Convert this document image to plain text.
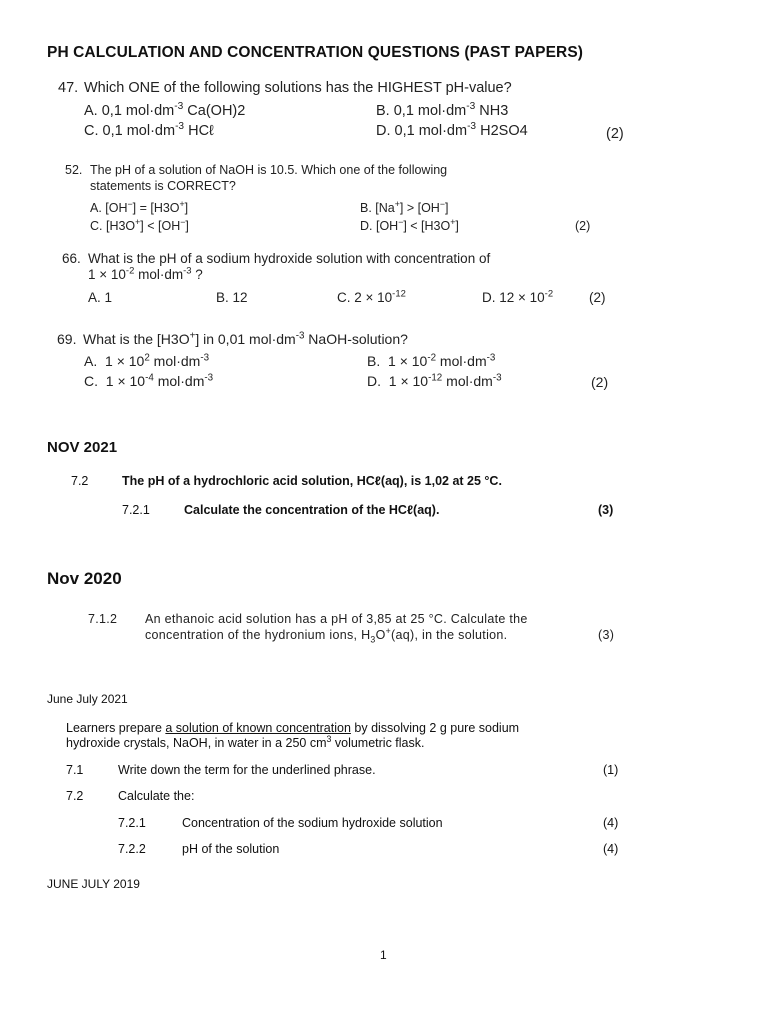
PH CALCULATION AND CONCENTRATION QUESTIONS (PAST PAPERS)
47. Which ONE of the following solutions has the HIGHEST pH-value?
A. 0,1 $mol\cdot dm^{-3}$ Ca(OH)2	B. 0,1 $mol\cdot dm^{-3}$ NH3
C. 0,1 $mol\cdot dm^{-3}$ HCℓ	D. 0,1 $mol\cdot dm^{-3}$ H2SO4	(2)
52. The pH of a solution of NaOH is 10.5. Which one of the following
statements is CORRECT?
A. [OH−] = [H3O+]	B. [Na+] > [OH−]
C. [H3O+] < [OH−]	D. [OH−] < [H3O+]	(2)
66. What is the pH of a sodium hydroxide solution with concentration of
$1 \times 10^{-2}$ $mol\cdot dm^{-3}$ ?
A. 1	B. 12	C. $2 \times 10^{-12}$	D. $12 \times 10^{-2}$	(2)
69. What is the [H3O+] in 0,01 $mol\cdot dm^{-3}$ NaOH-solution?
A.  $1 \times 10^2$ $mol\cdot dm^{-3}$	B.  $1 \times 10^{-2}$ $mol\cdot dm^{-3}$
C.  $1 \times 10^{-4}$ $mol\cdot dm^{-3}$	D.  $1 \times 10^{-12}$ $mol\cdot dm^{-3}$	(2)
NOV 2021
7.2	The pH of a hydrochloric acid solution, HCℓ(aq), is 1,02 at 25 °C.
7.2.1	Calculate the concentration of the HCℓ(aq).	(3)
Nov 2020
7.1.2 An ethanoic acid solution has a pH of 3,85 at 25 °C. Calculate the
concentration of the hydronium ions, $H_3O^+(aq)$, in the solution.	(3)
June July 2021
Learners prepare a solution of known concentration by dissolving 2 g pure sodium
hydroxide crystals, NaOH, in water in a 250 $cm^3$ volumetric flask.
7.1	Write down the term for the underlined phrase.	(1)
7.2	Calculate the:
7.2.1	Concentration of the sodium hydroxide solution	(4)
7.2.2	pH of the solution	(4)
JUNE JULY 2019
1
